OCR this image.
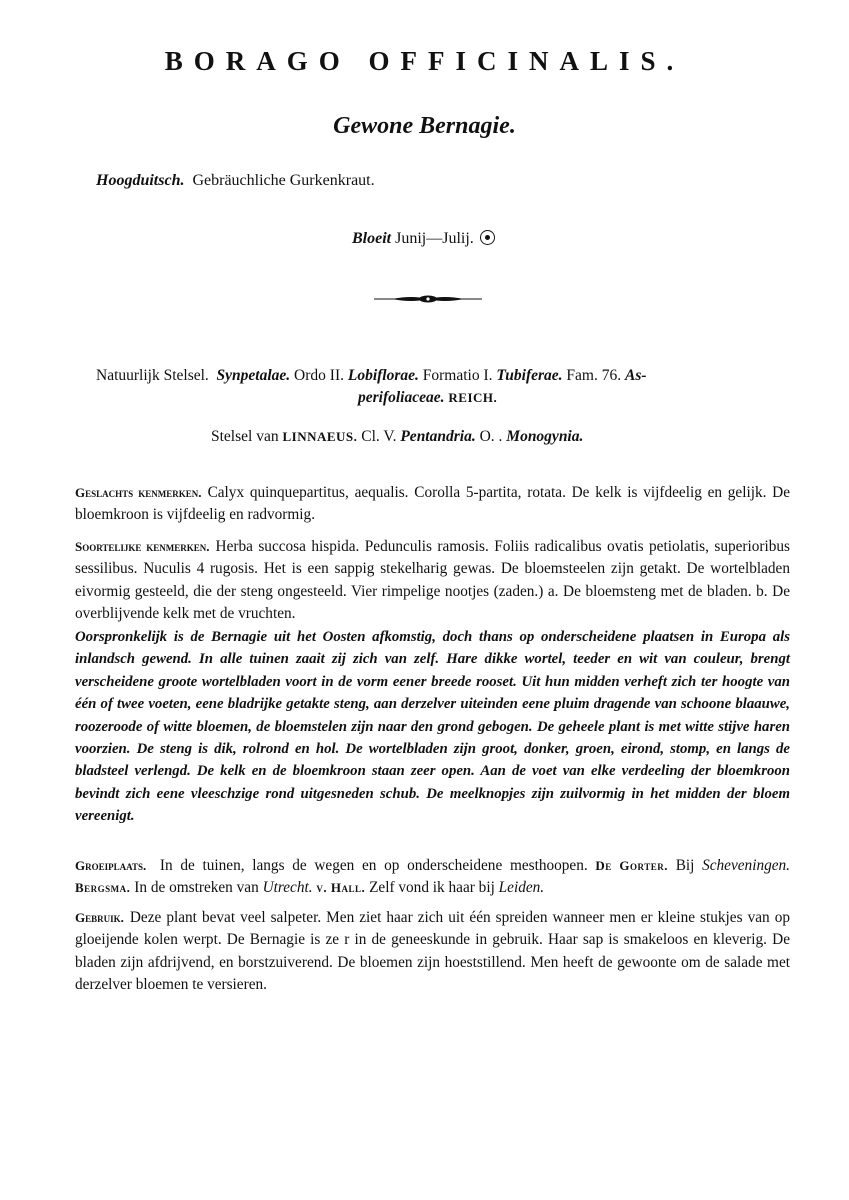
BORAGO OFFICINALIS.
Gewone Bernagie.
Hoogduitsch. Gebräuchliche Gurkenkraut.
Bloeit Junij—Julij.
Natuurlijk Stelsel. Synpetalae. Ordo II. Lobiflorae. Formatio I. Tubiferae. Fam. 76. As-
perifoliaceae. REICH.
Stelsel van LINNAEUS. Cl. V. Pentandria. O. . Monogynia.
Geslachts kenmerken. Calyx quinquepartitus, aequalis. Corolla 5-partita, rotata. De kelk is vijfdeelig en gelijk. De bloemkroon is vijfdeelig en radvormig.
Soortelijke kenmerken. Herba succosa hispida. Pedunculis ramosis. Foliis radicalibus ovatis petiolatis, superioribus sessilibus. Nuculis 4 rugosis. Het is een sappig stekelharig gewas. De bloemsteelen zijn getakt. De wortelbladen eivormig gesteeld, die der steng ongesteeld. Vier rimpelige nootjes (zaden.) a. De bloemsteng met de bladen. b. De overblijvende kelk met de vruchten.
Oorspronkelijk is de Bernagie uit het Oosten afkomstig, doch thans op onderscheidene plaatsen in Europa als inlandsch gewend. In alle tuinen zaait zij zich van zelf. Hare dikke wortel, teeder en wit van couleur, brengt verscheidene groote wortelbladen voort in de vorm eener breede rooset. Uit hun midden verheft zich ter hoogte van één of twee voeten, eene bladrijke getakte steng, aan derzelver uiteinden eene pluim dragende van schoone blaauwe, roozeroode of witte bloemen, de bloemstelen zijn naar den grond gebogen. De geheele plant is met witte stijve haren voorzien. De steng is dik, rolrond en hol. De wortelbladen zijn groot, donker, groen, eirond, stomp, en langs de bladsteel verlengd. De kelk en de bloemkroon staan zeer open. Aan de voet van elke verdeeling der bloemkroon bevindt zich eene vleeschzige rond uitgesneden schub. De meelknopjes zijn zuilvormig in het midden der bloem vereenigt.
Groeiplaats. In de tuinen, langs de wegen en op onderscheidene mesthoopen. De Gorter. Bij Scheveningen. Bergsma. In de omstreken van Utrecht. v. Hall. Zelf vond ik haar bij Leiden.
Gebruik. Deze plant bevat veel salpeter. Men ziet haar zich uit één spreiden wanneer men er kleine stukjes van op gloeijende kolen werpt. De Bernagie is ze r in de geneeskunde in gebruik. Haar sap is smakeloos en kleverig. De bladen zijn afdrijvend, en borstzuiverend. De bloemen zijn hoeststillend. Men heeft de gewoonte om de salade met derzelver bloemen te versieren.
